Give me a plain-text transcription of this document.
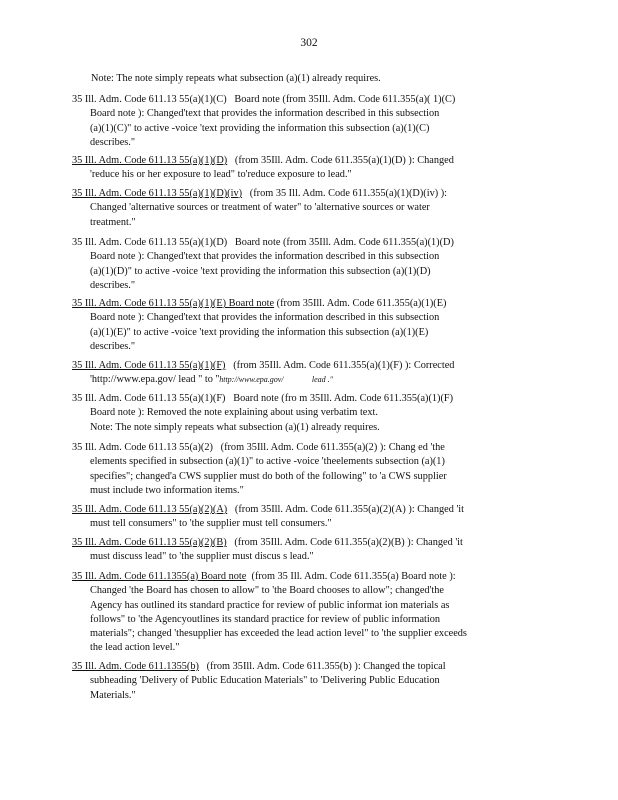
302
Note: The note simply repeats what subsection (a)(1) already requires.
35 Ill. Adm. Code 611.13 55(a)(1)(C) Board note (from 35Ill. Adm. Code 611.355(a)( 1)(C)
Board note ): Changed'text that provides the information described in this subsection
(a)(1)(C)" to active -voice 'text providing the information this subsection (a)(1)(C)
describes."
35 Ill. Adm. Code 611.13 55(a)(1)(D) (from 35Ill. Adm. Code 611.355(a)(1)(D) ): Changed
'reduce his or her exposure to lead" to'reduce exposure to lead."
35 Ill. Adm. Code 611.13 55(a)(1)(D)(iv) (from 35 Ill. Adm. Code 611.355(a)(1)(D)(iv) ):
Changed 'alternative sources or treatment of water" to 'alternative sources or water
treatment."
35 Ill. Adm. Code 611.13 55(a)(1)(D) Board note (from 35Ill. Adm. Code 611.355(a)(1)(D)
Board note ): Changed'text that provides the information described in this subsection
(a)(1)(D)" to active -voice 'text providing the information this subsection (a)(1)(D)
describes."
35 Ill. Adm. Code 611.13 55(a)(1)(E) Board note (from 35Ill. Adm. Code 611.355(a)(1)(E)
Board note ): Changed'text that provides the information described in this subsection
(a)(1)(E)" to active -voice 'text providing the information this subsection (a)(1)(E)
describes."
35 Ill. Adm. Code 611.13 55(a)(1)(F) (from 35Ill. Adm. Code 611.355(a)(1)(F) ): Corrected
'http://www.epa.gov/ lead " to ''http://www.epa.gov/	lead ."
35 Ill. Adm. Code 611.13 55(a)(1)(F) Board note (fro m 35Ill. Adm. Code 611.355(a)(1)(F)
Board note ): Removed the note explaining about using verbatim text.
Note: The note simply repeats what subsection (a)(1) already requires.
35 Ill. Adm. Code 611.13 55(a)(2) (from 35Ill. Adm. Code 611.355(a)(2) ): Chang ed 'the
elements specified in subsection (a)(1)" to active -voice 'theelements subsection (a)(1)
specifies"; changed'a CWS supplier must do both of the following" to 'a CWS supplier
must include two information items."
35 Ill. Adm. Code 611.13 55(a)(2)(A) (from 35Ill. Adm. Code 611.355(a)(2)(A) ): Changed 'it
must tell consumers" to 'the supplier must tell consumers."
35 Ill. Adm. Code 611.13 55(a)(2)(B) (from 35Ill. Adm. Code 611.355(a)(2)(B) ): Changed 'it
must discuss lead" to 'the supplier must discus s lead."
35 Ill. Adm. Code 611.1355(a) Board note (from 35 Ill. Adm. Code 611.355(a) Board note ):
Changed 'the Board has chosen to allow" to 'the Board chooses to allow"; changed'the
Agency has outlined its standard practice for review of public informat ion materials as
follows" to 'the Agencyoutlines its standard practice for review of public information
materials"; changed 'thesupplier has exceeded the lead action level" to 'the supplier exceeds
the lead action level."
35 Ill. Adm. Code 611.1355(b) (from 35Ill. Adm. Code 611.355(b) ): Changed the topical
subheading 'Delivery of Public Education Materials" to 'Delivering Public Education
Materials."
